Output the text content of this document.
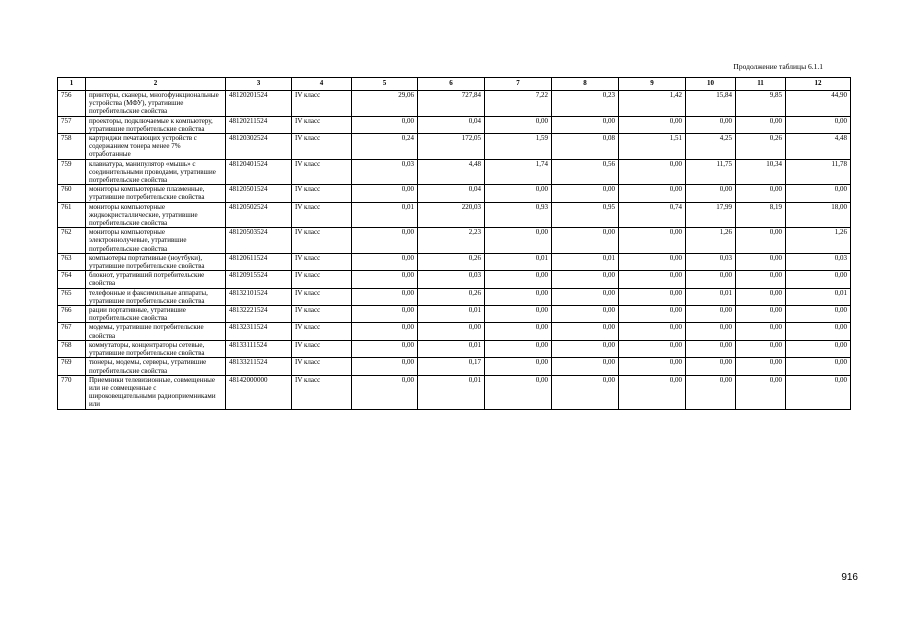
Продолжение таблицы 6.1.1
1	2	3	4	5	6	7	8	9	10	11	12
756	принтеры, сканеры, многофункциональные устройства (МФУ), утратившие потребительские свойства	48120201524	IV класс	29,06	727,84	7,22	0,23	1,42	15,84	9,85	44,90
757	проекторы, подключаемые к компьютеру, утратившие потребительские свойства	48120211524	IV класс	0,00	0,04	0,00	0,00	0,00	0,00	0,00	0,00
758	картриджи печатающих устройств с содержанием тонера менее 7% отработанные	48120302524	IV класс	0,24	172,05	1,59	0,08	1,51	4,25	0,26	4,48
759	клавиатура, манипулятор «мышь» с соединительными проводами, утратившие потребительские свойства	48120401524	IV класс	0,03	4,48	1,74	0,56	0,00	11,75	10,34	11,78
760	мониторы компьютерные плазменные, утратившие потребительские свойства	48120501524	IV класс	0,00	0,04	0,00	0,00	0,00	0,00	0,00	0,00
761	мониторы компьютерные жидкокристаллические, утратившие потребительские свойства	48120502524	IV класс	0,01	220,03	0,93	0,95	0,74	17,99	8,19	18,00
762	мониторы компьютерные электроннолучевые, утратившие потребительские свойства	48120503524	IV класс	0,00	2,23	0,00	0,00	0,00	1,26	0,00	1,26
763	компьютеры портативные (ноутбуки), утратившие потребительские свойства	48120611524	IV класс	0,00	0,26	0,01	0,01	0,00	0,03	0,00	0,03
764	блокнот, утративший потребительские свойства	48120915524	IV класс	0,00	0,03	0,00	0,00	0,00	0,00	0,00	0,00
765	телефонные и факсимильные аппараты, утратившие потребительские свойства	48132101524	IV класс	0,00	0,26	0,00	0,00	0,00	0,01	0,00	0,01
766	рации портативные, утратившие потребительские свойства	48132221524	IV класс	0,00	0,01	0,00	0,00	0,00	0,00	0,00	0,00
767	модемы, утратившие потребительские свойства	48132311524	IV класс	0,00	0,00	0,00	0,00	0,00	0,00	0,00	0,00
768	коммутаторы, концентраторы сетевые, утратившие потребительские свойства	48133111524	IV класс	0,00	0,01	0,00	0,00	0,00	0,00	0,00	0,00
769	тюнеры, модемы, серверы, утратившие потребительские свойства	48133211524	IV класс	0,00	0,17	0,00	0,00	0,00	0,00	0,00	0,00
770	Приемники телевизионные, совмещенные или не совмещенные с широковещательными радиоприемниками или	48142000000	IV класс	0,00	0,01	0,00	0,00	0,00	0,00	0,00	0,00
916
